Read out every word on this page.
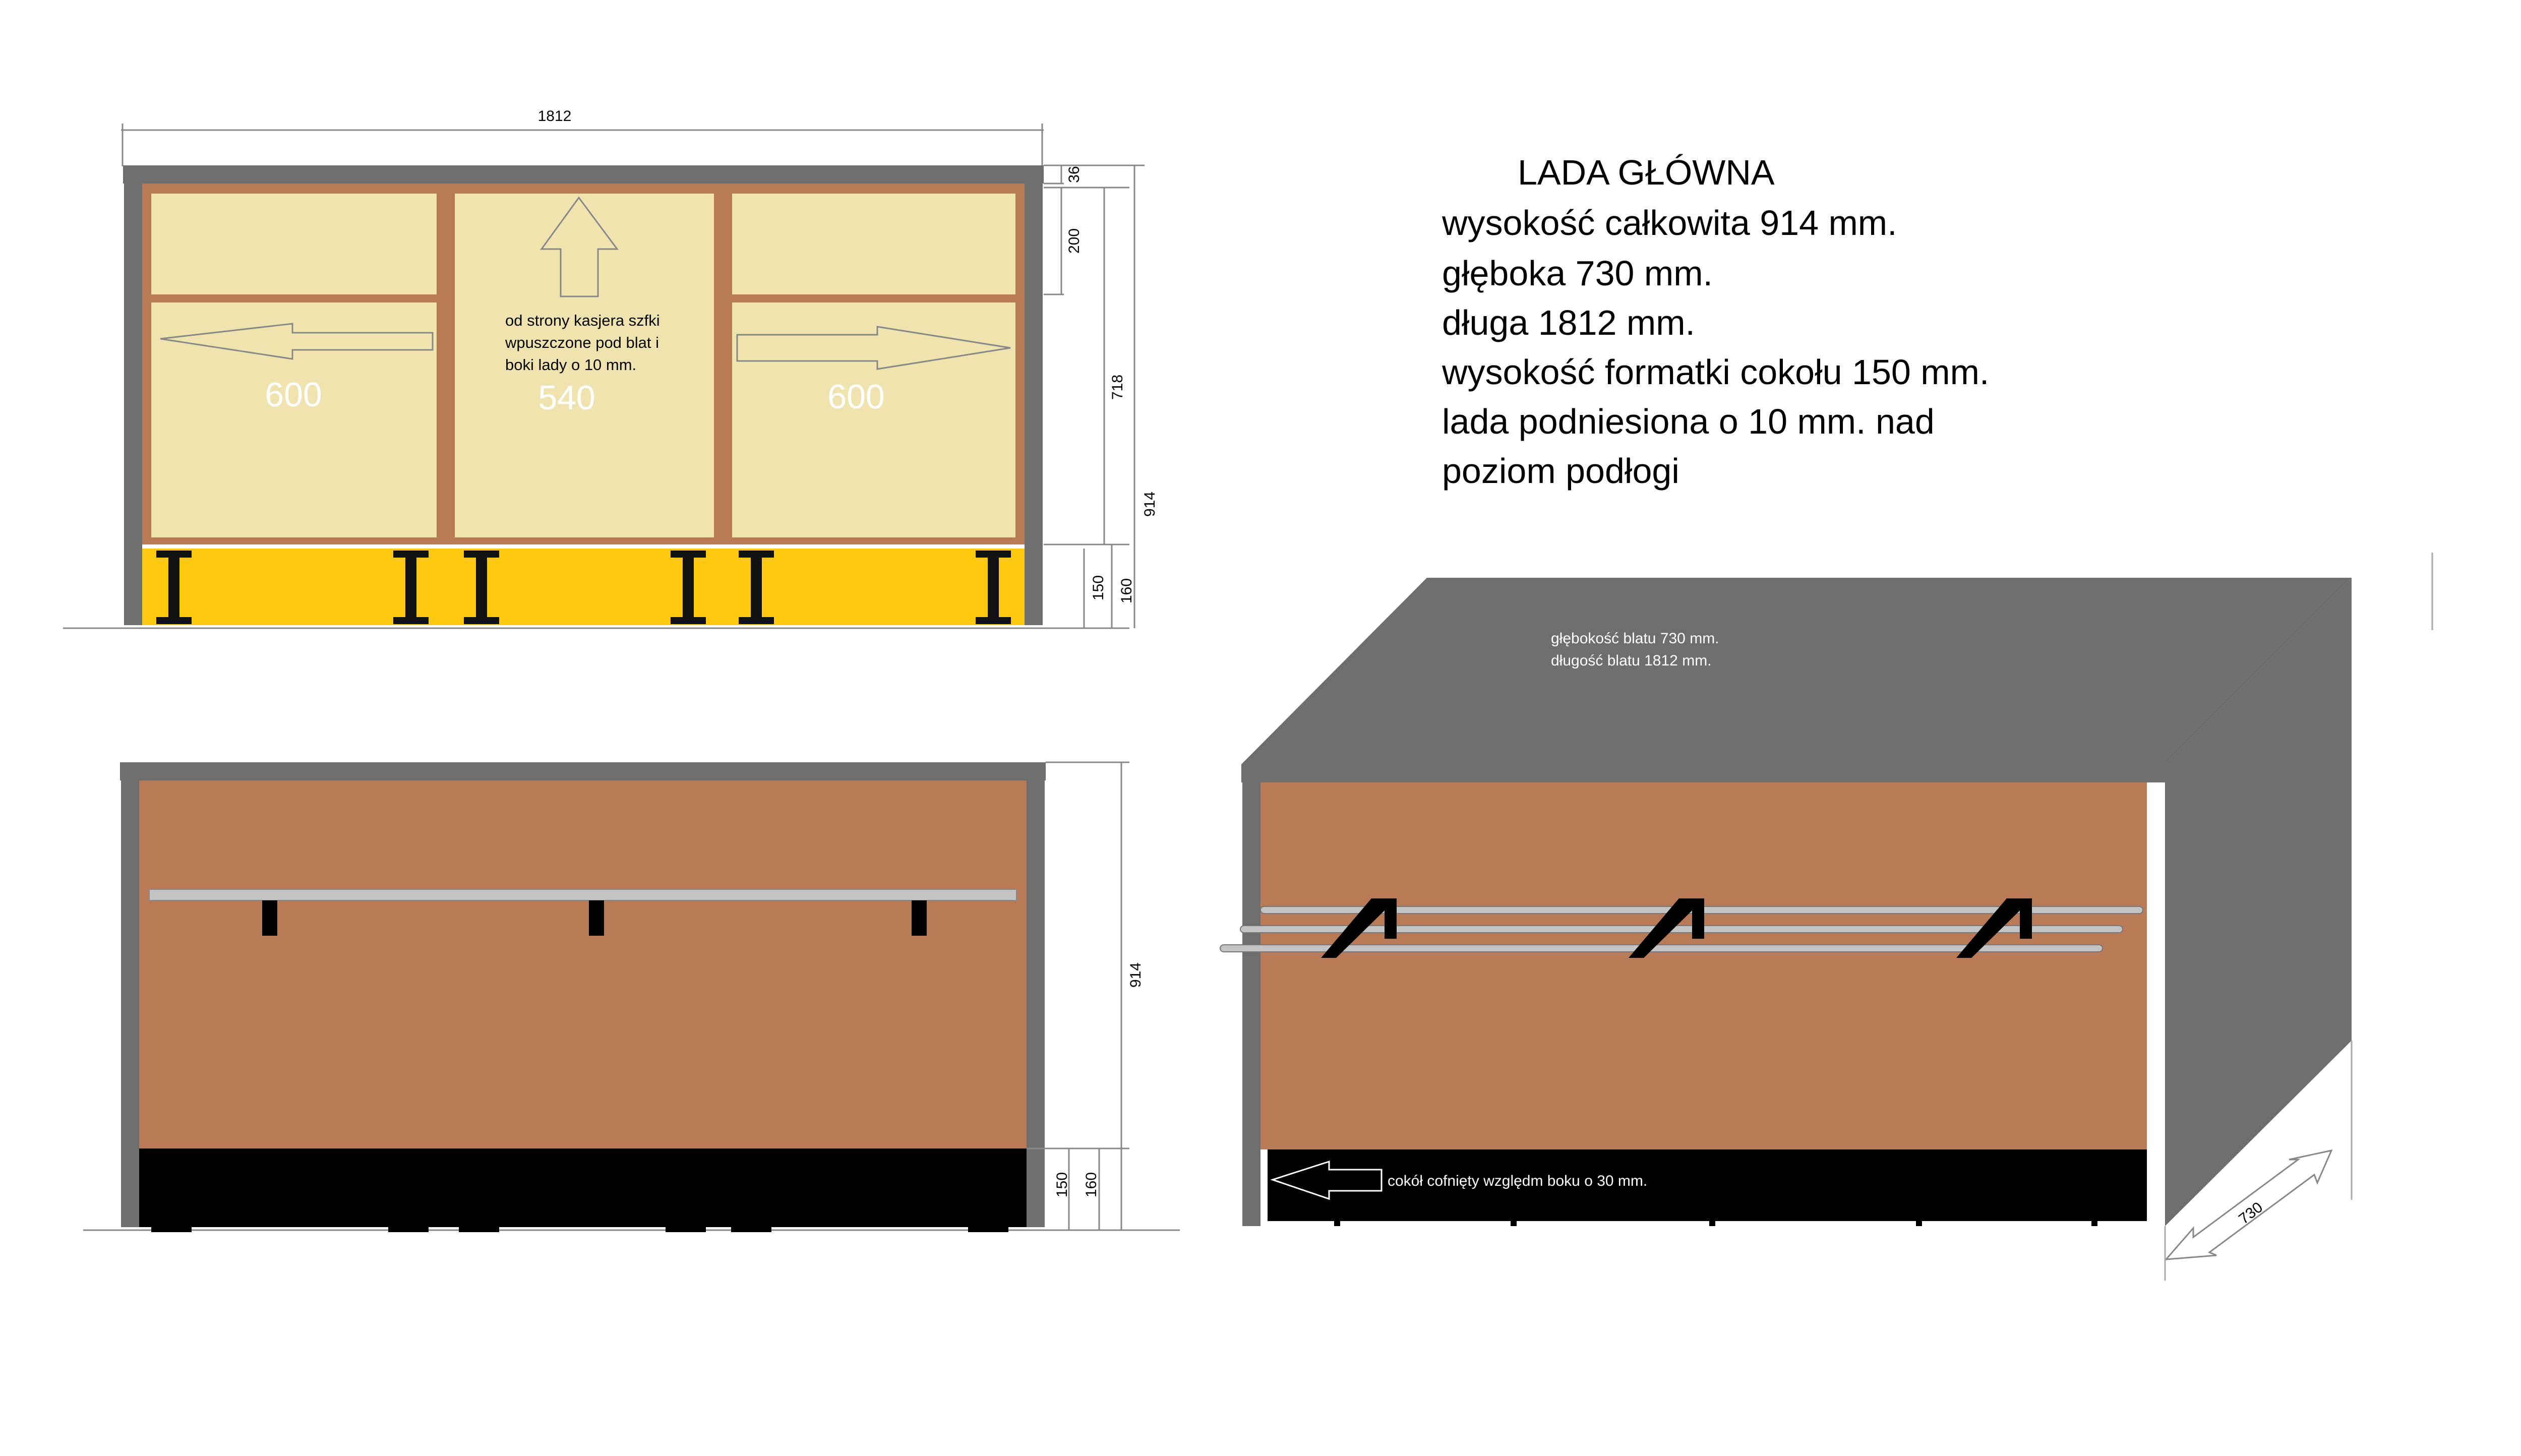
1812
600	540	600
od strony kasjera szfki
wpuszczone pod blat i
boki lady o 10 mm.
36
200
718
914
150 160
LADA GŁÓWNA
wysokość całkowita 914 mm.
głęboka 730 mm.
długa 1812 mm.
wysokość formatki cokołu 150 mm.
lada podniesiona o 10 mm. nad
poziom podłogi
914
150 160
głębokość blatu 730 mm.
długość blatu 1812 mm.
cokół cofnięty względm boku o 30 mm.
730
